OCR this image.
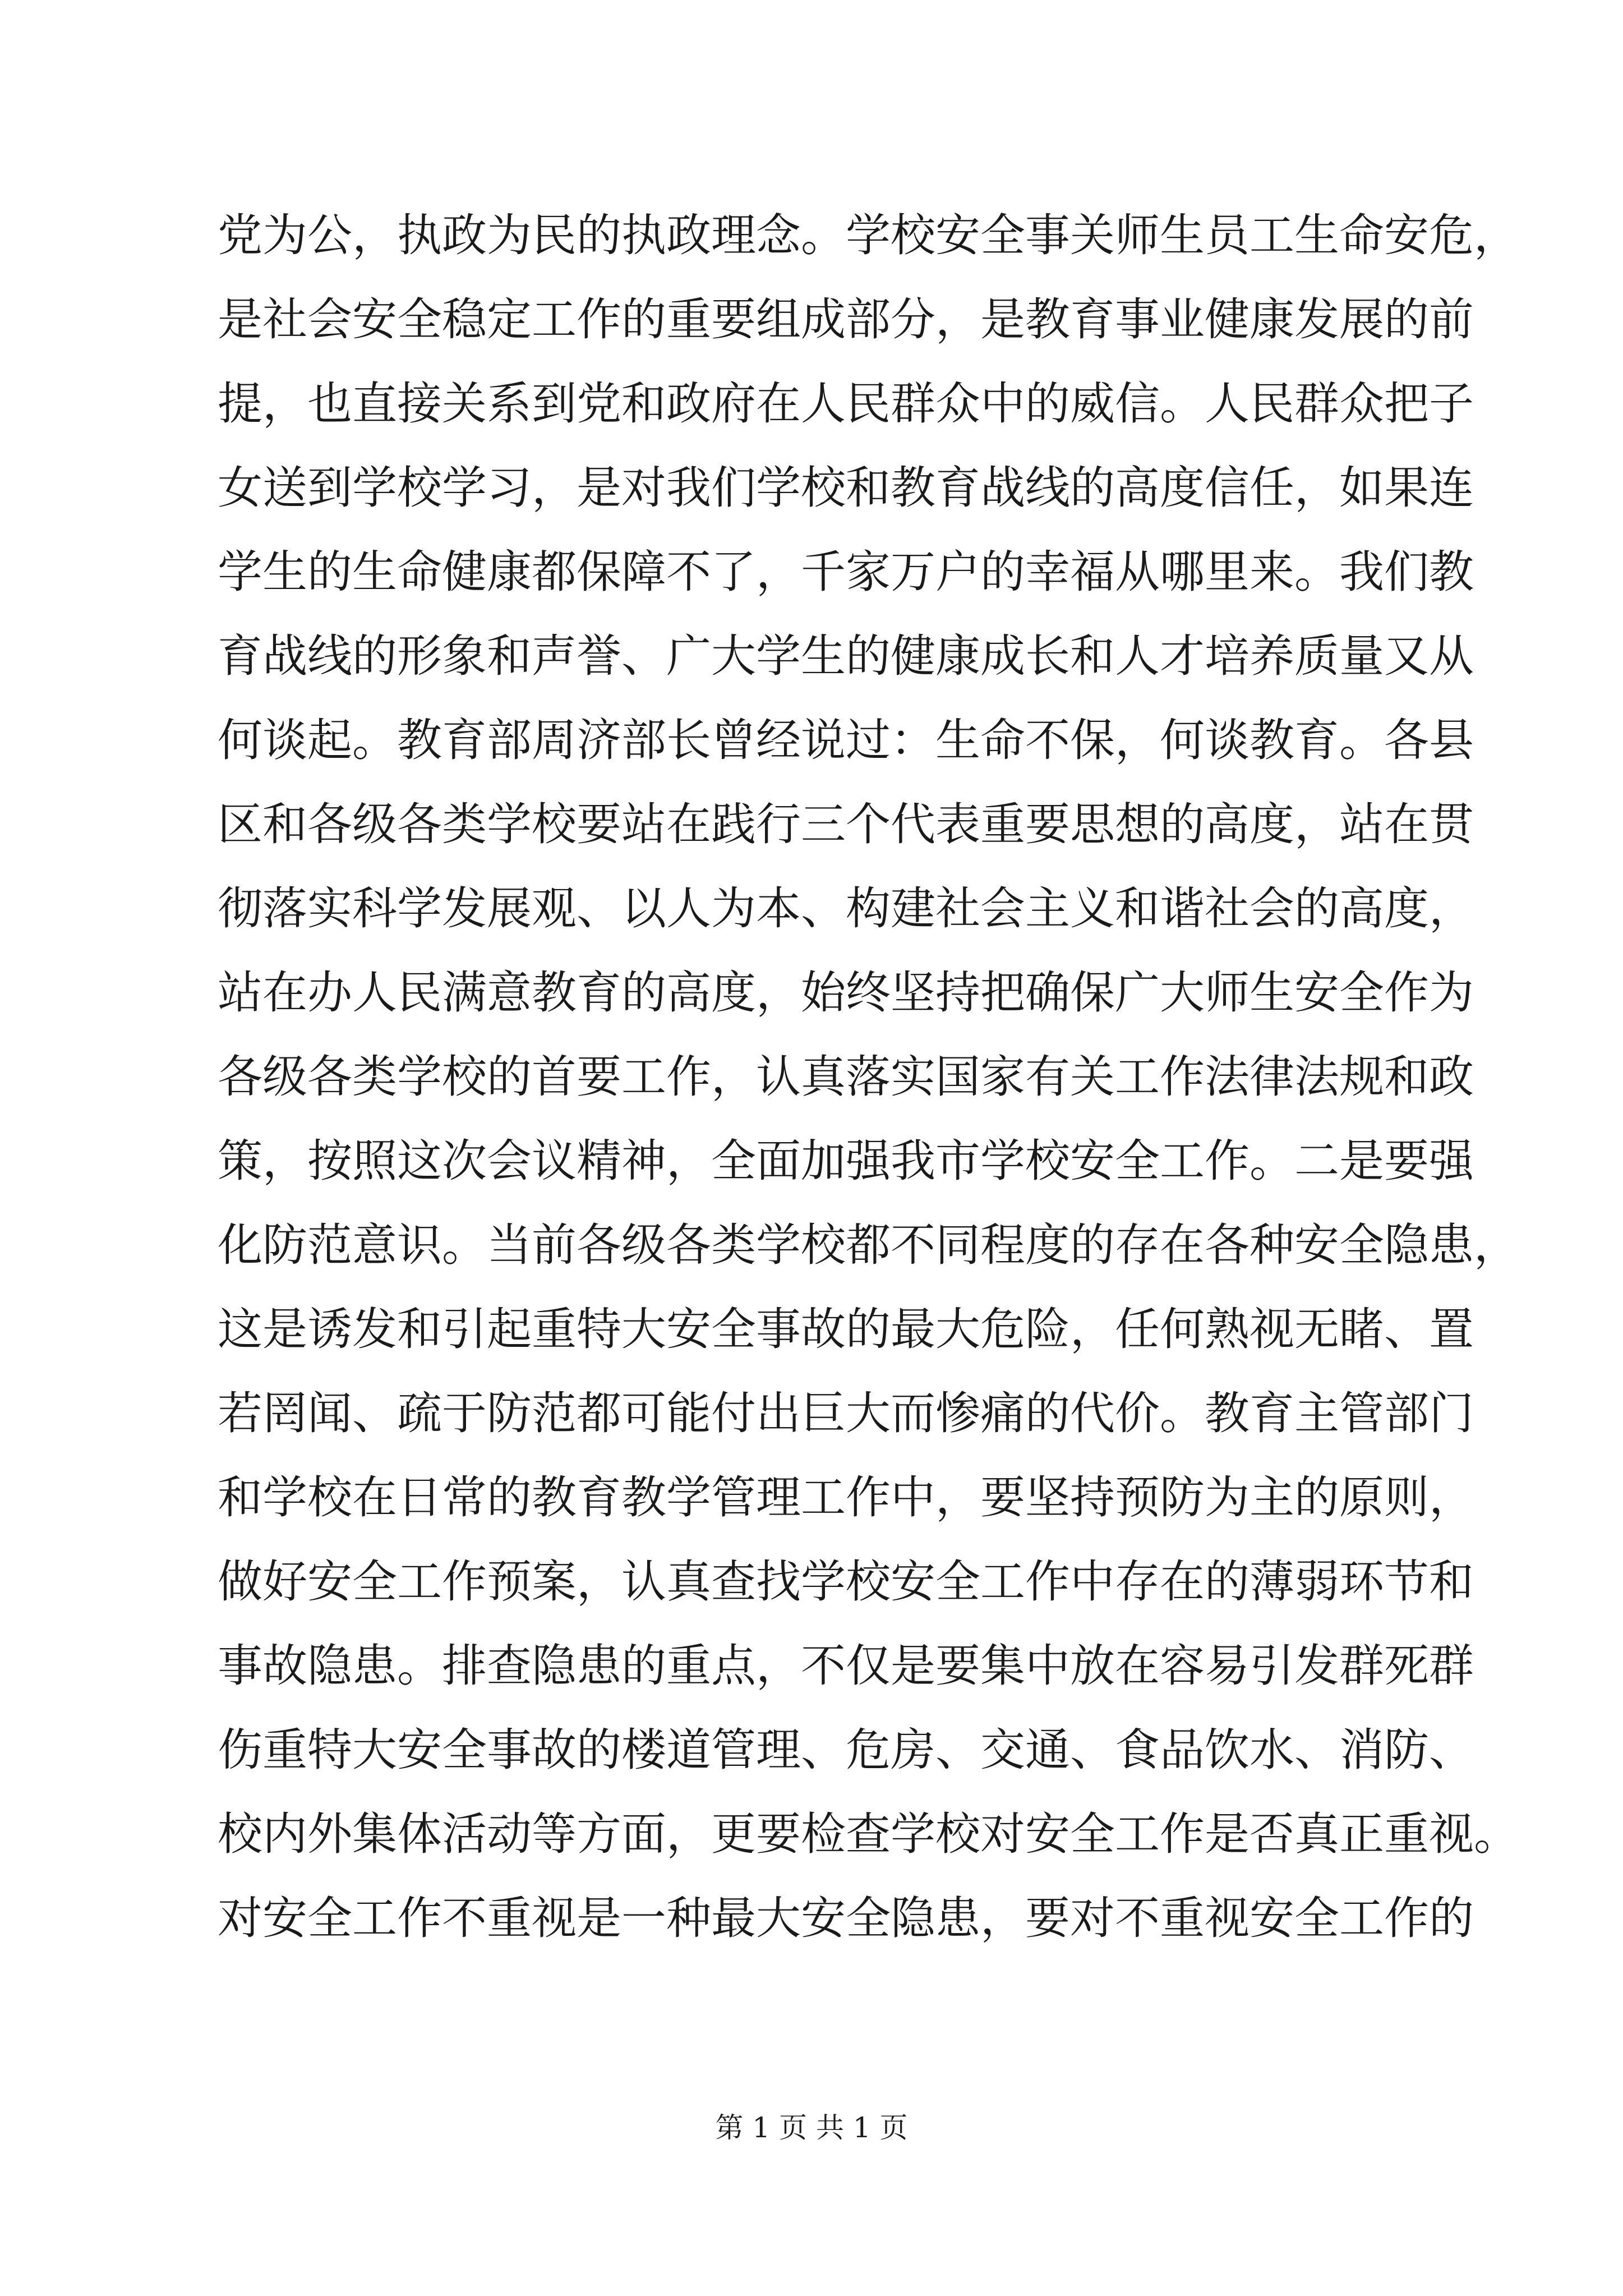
党为公，执政为民的执政理念。学校安全事关师生员工生命安危，
是社会安全稳定工作的重要组成部分，是教育事业健康发展的前
提，也直接关系到党和政府在人民群众中的威信。人民群众把子
女送到学校学习，是对我们学校和教育战线的高度信任，如果连
学生的生命健康都保障不了，千家万户的幸福从哪里来。我们教
育战线的形象和声誉、广大学生的健康成长和人才培养质量又从
何谈起。教育部周济部长曾经说过：生命不保，何谈教育。各县
区和各级各类学校要站在践行三个代表重要思想的高度，站在贯
彻落实科学发展观、以人为本、构建社会主义和谐社会的高度，
站在办人民满意教育的高度，始终坚持把确保广大师生安全作为
各级各类学校的首要工作，认真落实国家有关工作法律法规和政
策，按照这次会议精神，全面加强我市学校安全工作。二是要强
化防范意识。当前各级各类学校都不同程度的存在各种安全隐患，
这是诱发和引起重特大安全事故的最大危险，任何熟视无睹、置
若罔闻、疏于防范都可能付出巨大而惨痛的代价。教育主管部门
和学校在日常的教育教学管理工作中，要坚持预防为主的原则，
做好安全工作预案，认真查找学校安全工作中存在的薄弱环节和
事故隐患。排查隐患的重点，不仅是要集中放在容易引发群死群
伤重特大安全事故的楼道管理、危房、交通、食品饮水、消防、
校内外集体活动等方面，更要检查学校对安全工作是否真正重视。
对安全工作不重视是一种最大安全隐患，要对不重视安全工作的
第 1 页 共 1 页
